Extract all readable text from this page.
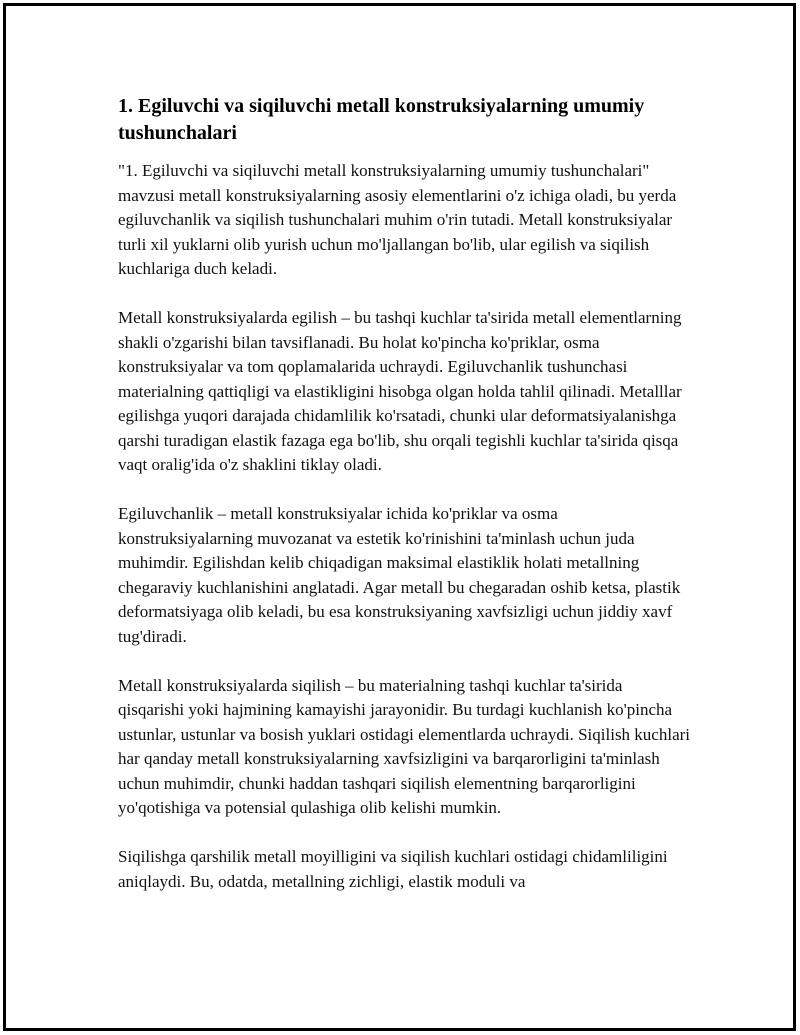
1. Egiluvchi va siqiluvchi metall konstruksiyalarning umumiy tushunchalari

"1. Egiluvchi va siqiluvchi metall konstruksiyalarning umumiy tushunchalari" mavzusi metall konstruksiyalarning asosiy elementlarini o'z ichiga oladi, bu yerda egiluvchanlik va siqilish tushunchalari muhim o'rin tutadi. Metall konstruksiyalar turli xil yuklarni olib yurish uchun mo'ljallangan bo'lib, ular egilish va siqilish kuchlariga duch keladi.

Metall konstruksiyalarda egilish – bu tashqi kuchlar ta'sirida metall elementlarning shakli o'zgarishi bilan tavsiflanadi. Bu holat ko'pincha ko'priklar, osma konstruksiyalar va tom qoplamalarida uchraydi. Egiluvchanlik tushunchasi materialning qattiqligi va elastikligini hisobga olgan holda tahlil qilinadi. Metalllar egilishga yuqori darajada chidamlilik ko'rsatadi, chunki ular deformatsiyalanishga qarshi turadigan elastik fazaga ega bo'lib, shu orqali tegishli kuchlar ta'sirida qisqa vaqt oralig'ida o'z shaklini tiklay oladi.

Egiluvchanlik – metall konstruksiyalar ichida ko'priklar va osma konstruksiyalarning muvozanat va estetik ko'rinishini ta'minlash uchun juda muhimdir. Egilishdan kelib chiqadigan maksimal elastiklik holati metallning chegaraviy kuchlanishini anglatadi. Agar metall bu chegaradan oshib ketsa, plastik deformatsiyaga olib keladi, bu esa konstruksiyaning xavfsizligi uchun jiddiy xavf tug'diradi.

Metall konstruksiyalarda siqilish – bu materialning tashqi kuchlar ta'sirida qisqarishi yoki hajmining kamayishi jarayonidir. Bu turdagi kuchlanish ko'pincha ustunlar, ustunlar va bosish yuklari ostidagi elementlarda uchraydi. Siqilish kuchlari har qanday metall konstruksiyalarning xavfsizligini va barqarorligini ta'minlash uchun muhimdir, chunki haddan tashqari siqilish elementning barqarorligini yo'qotishiga va potensial qulashiga olib kelishi mumkin.

Siqilishga qarshilik metall moyilligini va siqilish kuchlari ostidagi chidamliligini aniqlaydi. Bu, odatda, metallning zichligi, elastik moduli va
